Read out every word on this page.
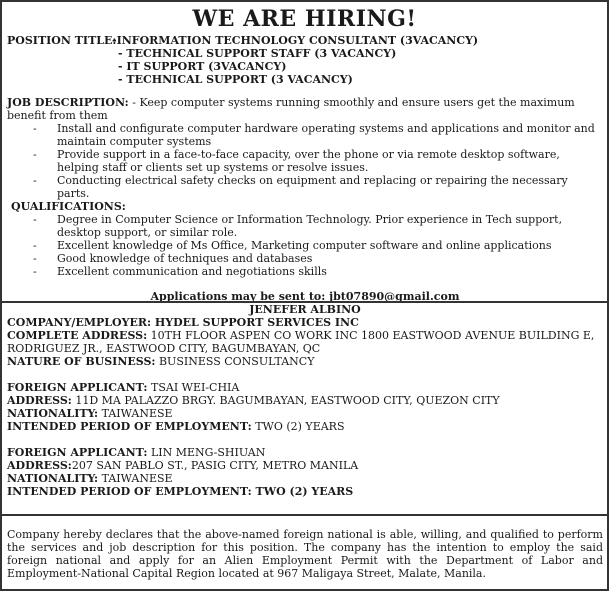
WE ARE HIRING!
POSITION TITLE:
-INFORMATION TECHNOLOGY CONSULTANT (3VACANCY)
- TECHNICAL SUPPORT STAFF (3 VACANCY)
- IT SUPPORT (3VACANCY)
- TECHNICAL SUPPORT (3 VACANCY)
JOB DESCRIPTION: - Keep computer systems running smoothly and ensure users get the maximum benefit from them
-	Install and configurate computer hardware operating systems and applications and monitor and maintain computer systems
-	Provide support in a face-to-face capacity, over the phone or via remote desktop software, helping staff or clients set up systems or resolve issues.
-	Conducting electrical safety checks on equipment and replacing or repairing the necessary parts.
QUALIFICATIONS:
-	Degree in Computer Science or Information Technology. Prior experience in Tech support, desktop support, or similar role.
-	Excellent knowledge of Ms Office, Marketing computer software and online applications
-	Good knowledge of techniques and databases
-	Excellent communication and negotiations skills
Applications may be sent to: jbt07890@gmail.com
JENEFER ALBINO
COMPANY/EMPLOYER: HYDEL SUPPORT SERVICES INC
COMPLETE ADDRESS: 10TH FLOOR ASPEN CO WORK INC 1800 EASTWOOD AVENUE BUILDING E, RODRIGUEZ JR., EASTWOOD CITY, BAGUMBAYAN, QC
NATURE OF BUSINESS: BUSINESS CONSULTANCY
FOREIGN APPLICANT: TSAI WEI-CHIA
ADDRESS: 11D MA PALAZZO BRGY. BAGUMBAYAN, EASTWOOD CITY, QUEZON CITY
NATIONALITY: TAIWANESE
INTENDED PERIOD OF EMPLOYMENT: TWO (2) YEARS
FOREIGN APPLICANT: LIN MENG-SHIUAN
ADDRESS:207 SAN PABLO ST., PASIG CITY, METRO MANILA
NATIONALITY: TAIWANESE
INTENDED PERIOD OF EMPLOYMENT: TWO (2) YEARS
Company hereby declares that the above-named foreign national is able, willing, and qualified to perform the services and job description for this position. The company has the intention to employ the said foreign national and apply for an Alien Employment Permit with the Department of Labor and Employment-National Capital Region located at 967 Maligaya Street, Malate, Manila.
